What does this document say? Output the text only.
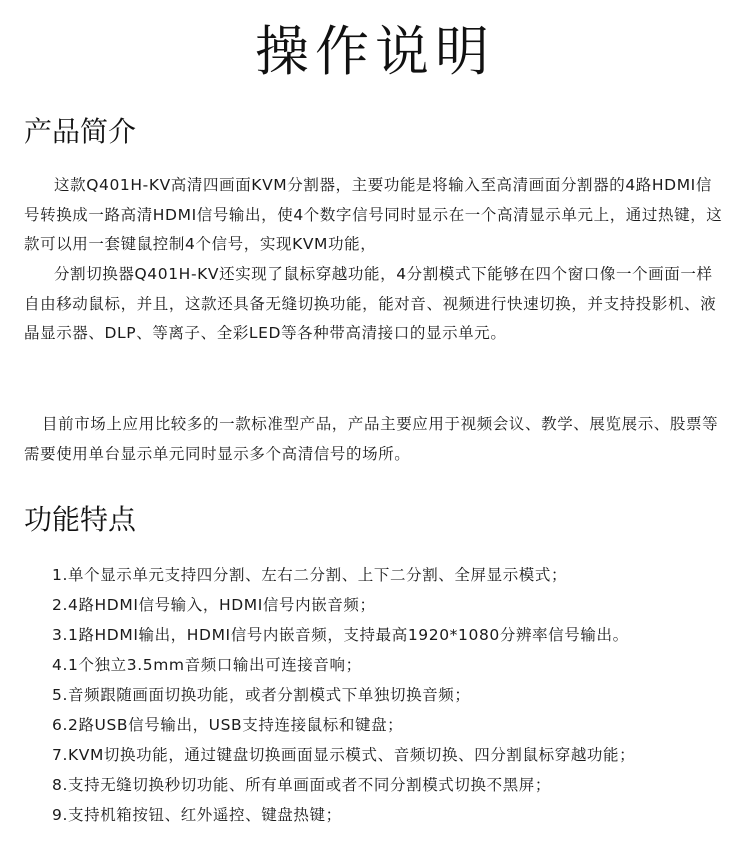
操作说明
产品简介

这款Q401H-KV高清四画面KVM分割器，主要功能是将输入至高清画面分割器的4路HDMI信号转换成一路高清HDMI信号输出，使4个数字信号同时显示在一个高清显示单元上，通过热键，这款可以用一套键鼠控制4个信号，实现KVM功能，

分割切换器Q401H-KV还实现了鼠标穿越功能，4分割模式下能够在四个窗口像一个画面一样自由移动鼠标，并且，这款还具备无缝切换功能，能对音、视频进行快速切换，并支持投影机、液晶显示器、DLP、等离子、全彩LED等各种带高清接口的显示单元。

目前市场上应用比较多的一款标准型产品，产品主要应用于视频会议、教学、展览展示、股票等需要使用单台显示单元同时显示多个高清信号的场所。

功能特点
1.单个显示单元支持四分割、左右二分割、上下二分割、全屏显示模式；
2.4路HDMI信号输入，HDMI信号内嵌音频；
3.1路HDMI输出，HDMI信号内嵌音频，支持最高1920*1080分辨率信号输出。
4.1个独立3.5mm音频口输出可连接音响；
5.音频跟随画面切换功能，或者分割模式下单独切换音频；
6.2路USB信号输出，USB支持连接鼠标和键盘；
7.KVM切换功能，通过键盘切换画面显示模式、音频切换、四分割鼠标穿越功能；
8.支持无缝切换秒切功能、所有单画面或者不同分割模式切换不黑屏；
9.支持机箱按钮、红外遥控、键盘热键；
